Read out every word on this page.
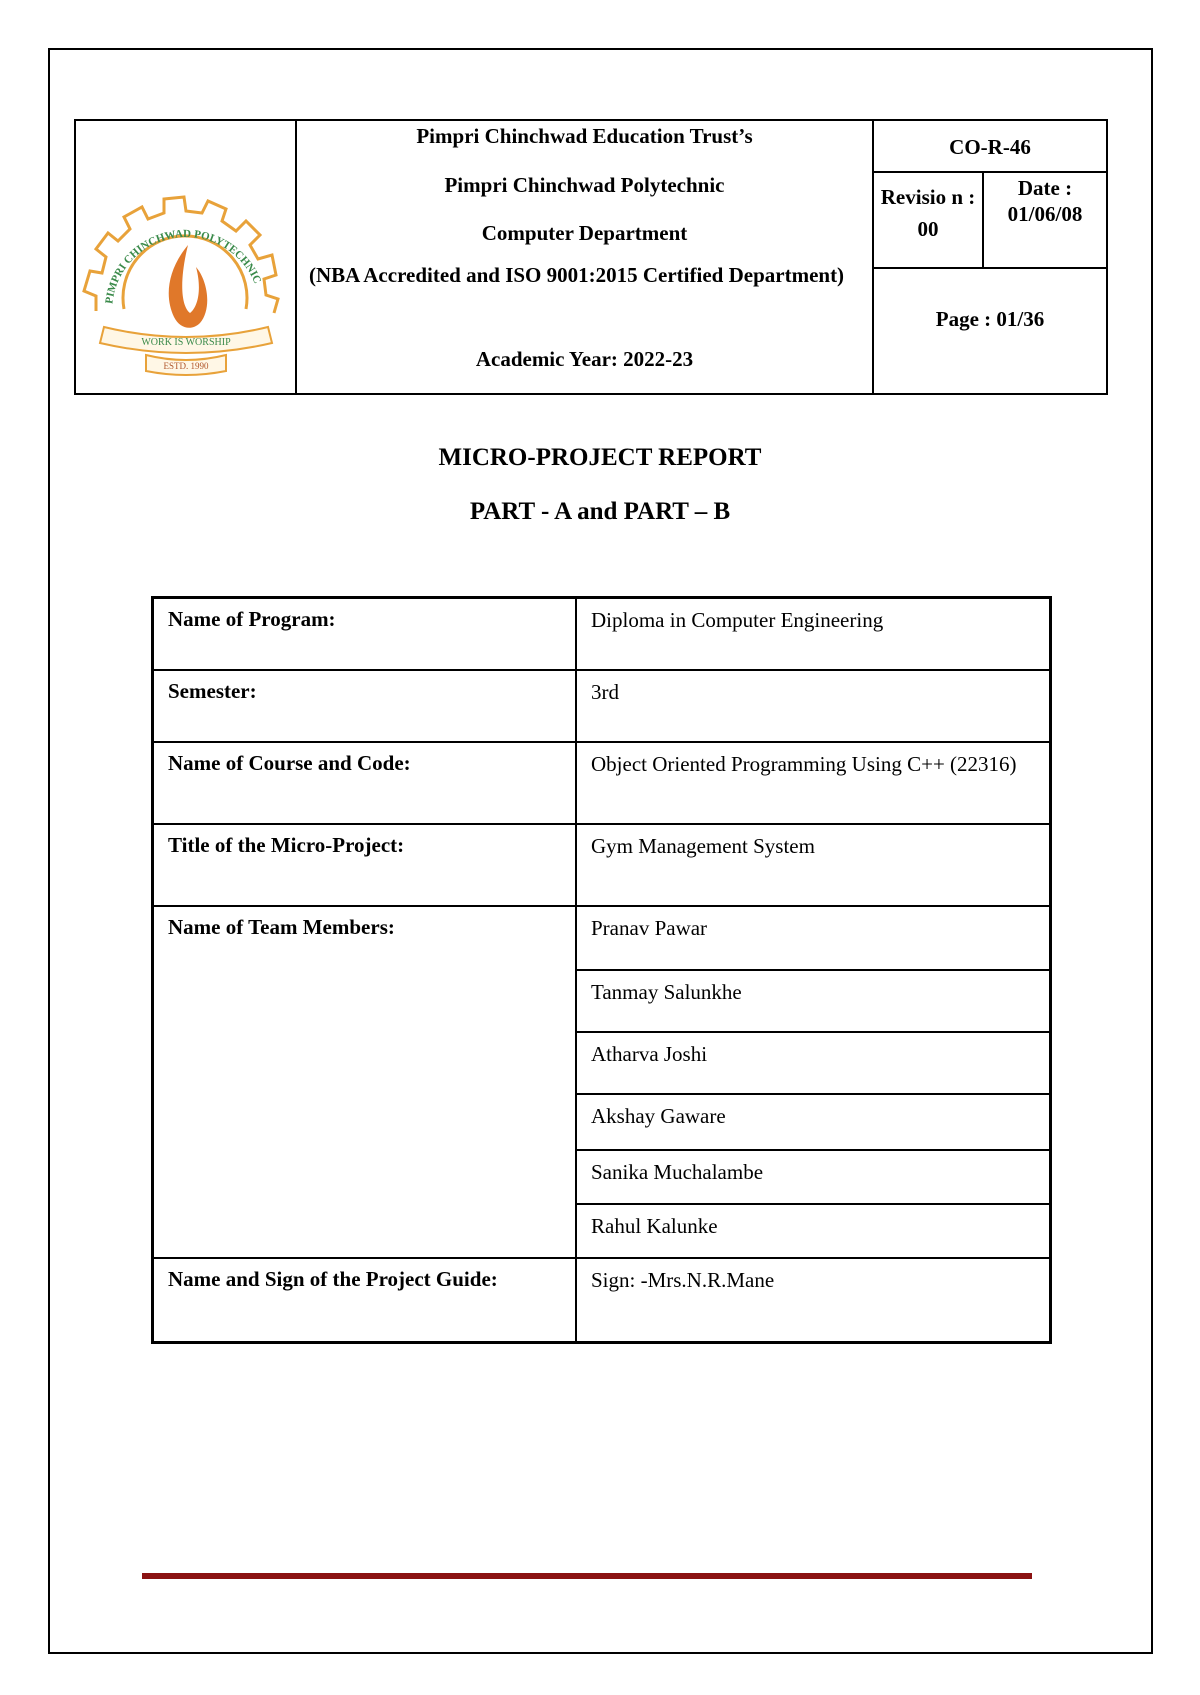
PIMPRI CHINCHWAD POLYTECHNIC
WORK IS WORSHIP
ESTD. 1990
Pimpri Chinchwad Education Trust’s
Pimpri Chinchwad Polytechnic
Computer Department
(NBA Accredited and ISO 9001:2015 Certified Department)
Academic Year: 2022-23
CO-R-46
Revisio n : 00
Date : 01/06/08
Page : 01/36
MICRO-PROJECT REPORT
PART - A and PART – B
Name of Program:	Diploma in Computer Engineering
Semester:	3rd
Name of Course and Code:	Object Oriented Programming Using C++ (22316)
Title of the Micro-Project:	Gym Management System
Name of Team Members:	Pranav Pawar
Tanmay Salunkhe
Atharva Joshi
Akshay Gaware
Sanika Muchalambe
Rahul Kalunke
Name and Sign of the Project Guide:	Sign: -Mrs.N.R.Mane
